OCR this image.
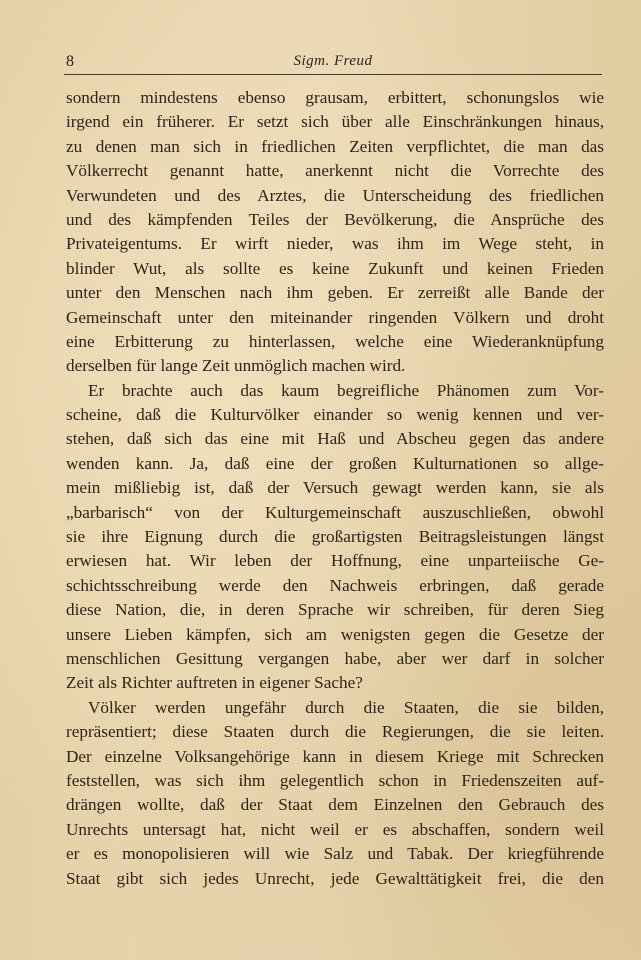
8	Sigm. Freud
sondern mindestens ebenso grausam, erbittert, schonungslos wie
irgend ein früherer. Er setzt sich über alle Einschränkungen hinaus,
zu denen man sich in friedlichen Zeiten verpflichtet, die man das
Völkerrecht genannt hatte, anerkennt nicht die Vorrechte des
Verwundeten und des Arztes, die Unterscheidung des friedlichen
und des kämpfenden Teiles der Bevölkerung, die Ansprüche des
Privateigentums. Er wirft nieder, was ihm im Wege steht, in
blinder Wut, als sollte es keine Zukunft und keinen Frieden
unter den Menschen nach ihm geben. Er zerreißt alle Bande der
Gemeinschaft unter den miteinander ringenden Völkern und droht
eine Erbitterung zu hinterlassen, welche eine Wiederanknüpfung
derselben für lange Zeit unmöglich machen wird.
Er brachte auch das kaum begreifliche Phänomen zum Vor-
scheine, daß die Kulturvölker einander so wenig kennen und ver-
stehen, daß sich das eine mit Haß und Abscheu gegen das andere
wenden kann. Ja, daß eine der großen Kulturnationen so allge-
mein mißliebig ist, daß der Versuch gewagt werden kann, sie als
„barbarisch“ von der Kulturgemeinschaft auszuschließen, obwohl
sie ihre Eignung durch die großartigsten Beitragsleistungen längst
erwiesen hat. Wir leben der Hoffnung, eine unparteiische Ge-
schichtsschreibung werde den Nachweis erbringen, daß gerade
diese Nation, die, in deren Sprache wir schreiben, für deren Sieg
unsere Lieben kämpfen, sich am wenigsten gegen die Gesetze der
menschlichen Gesittung vergangen habe, aber wer darf in solcher
Zeit als Richter auftreten in eigener Sache?
Völker werden ungefähr durch die Staaten, die sie bilden,
repräsentiert; diese Staaten durch die Regierungen, die sie leiten.
Der einzelne Volksangehörige kann in diesem Kriege mit Schrecken
feststellen, was sich ihm gelegentlich schon in Friedenszeiten auf-
drängen wollte, daß der Staat dem Einzelnen den Gebrauch des
Unrechts untersagt hat, nicht weil er es abschaffen, sondern weil
er es monopolisieren will wie Salz und Tabak. Der kriegführende
Staat gibt sich jedes Unrecht, jede Gewalttätigkeit frei, die den
